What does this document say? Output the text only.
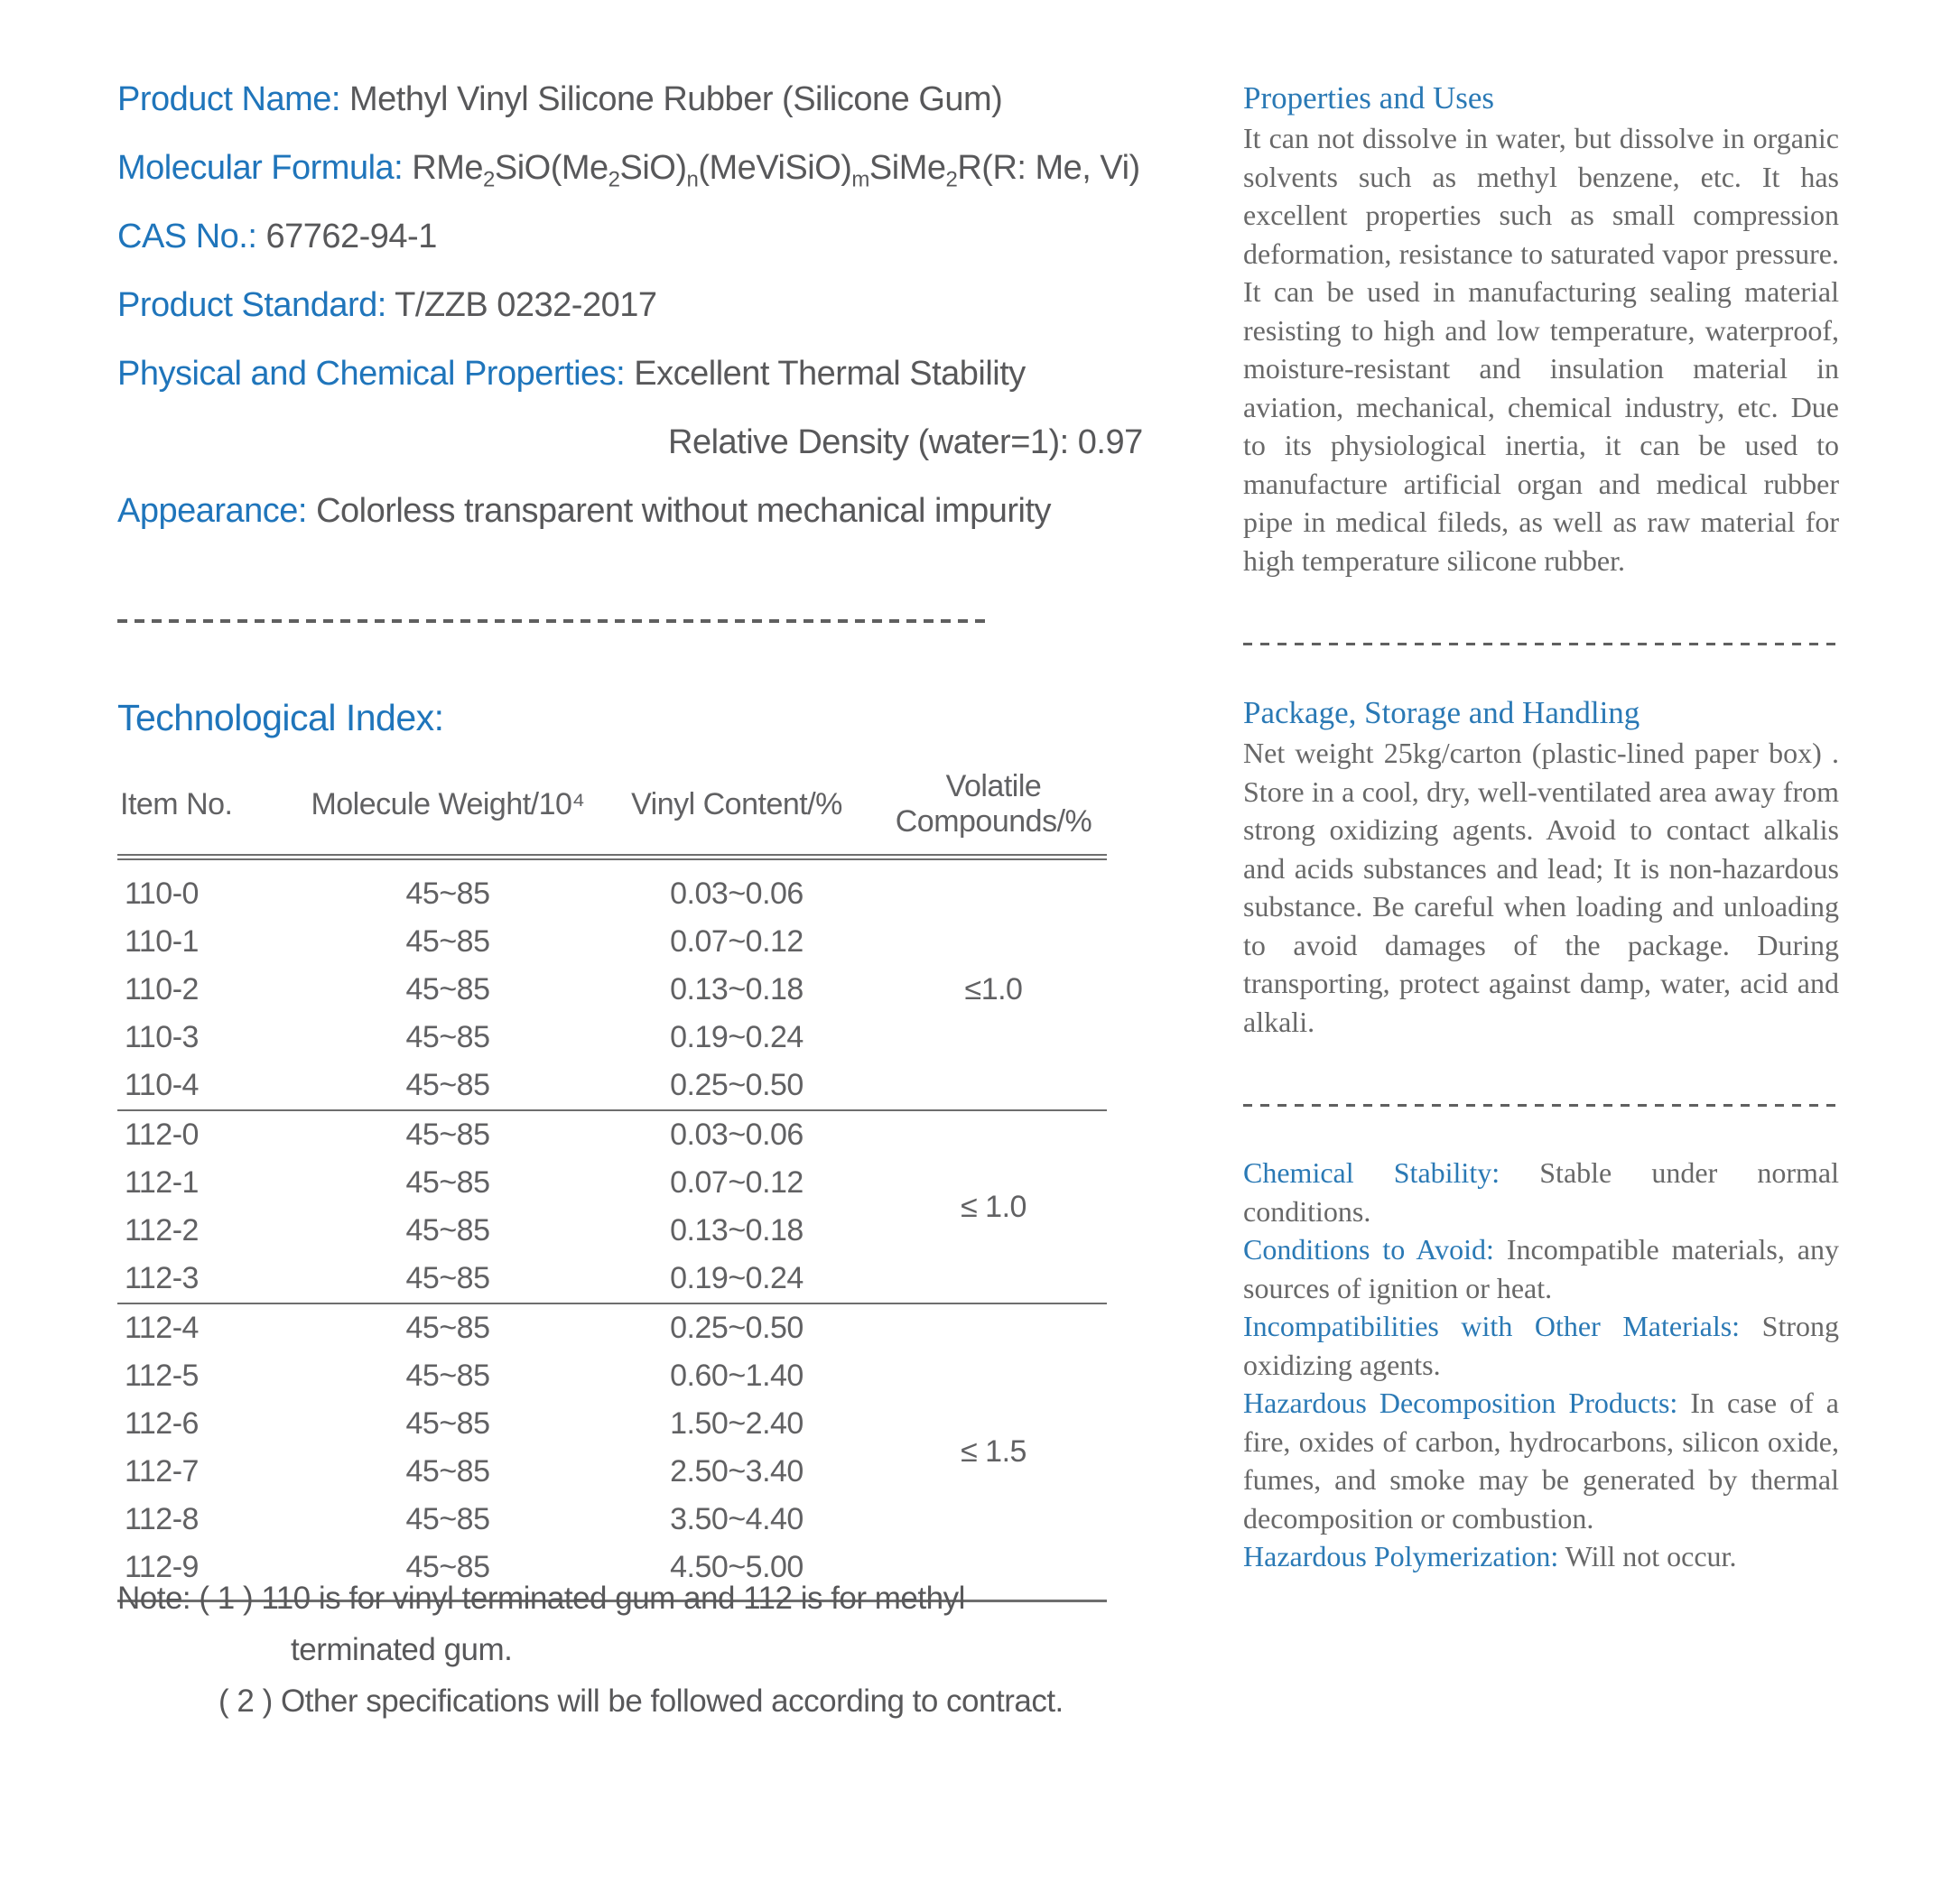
Product Name: Methyl Vinyl Silicone Rubber (Silicone Gum)
Molecular Formula: $RMe_2SiO(Me_2SiO)_n(MeViSiO)_mSiMe_2R(R$: Me, Vi)
CAS No.: 67762-94-1
Product Standard: T/ZZB 0232-2017
Physical and Chemical Properties: Excellent Thermal Stability
Relative Density (water=1): 0.97
Appearance: Colorless transparent without mechanical impurity
Technological Index:
Item No.	Molecule Weight/10⁴	Vinyl Content/%	Volatile Compounds/%
110-0	45~85	0.03~0.06	≤1.0
110-1	45~85	0.07~0.12	
110-2	45~85	0.13~0.18	
110-3	45~85	0.19~0.24	
110-4	45~85	0.25~0.50	
112-0	45~85	0.03~0.06	≤ 1.0
112-1	45~85	0.07~0.12	
112-2	45~85	0.13~0.18	
112-3	45~85	0.19~0.24	
112-4	45~85	0.25~0.50	≤ 1.5
112-5	45~85	0.60~1.40	
112-6	45~85	1.50~2.40	
112-7	45~85	2.50~3.40	
112-8	45~85	3.50~4.40	
112-9	45~85	4.50~5.00	
Note: ( 1 ) 110 is for vinyl terminated gum and 112 is for methyl
terminated gum.
( 2 ) Other specifications will be followed according to contract.
Properties and Uses

It can not dissolve in water, but dissolve in organic solvents such as methyl benzene, etc. It has excellent properties such as small compression deformation, resistance to saturated vapor pressure. It can be used in manufacturing sealing material resisting to high and low temperature, waterproof, moisture-resistant and insulation material in aviation, mechanical, chemical industry, etc. Due to its physiological inertia, it can be used to manufacture artificial organ and medical rubber pipe in medical fileds, as well as raw material for high temperature silicone rubber.

Package, Storage and Handling

Net weight 25kg/carton (plastic-lined paper box) . Store in a cool, dry, well-ventilated area away from strong oxidizing agents. Avoid to contact alkalis and acids substances and lead; It is non-hazardous substance. Be careful when loading and unloading to avoid damages of the package. During transporting, protect against damp, water, acid and alkali.

Chemical Stability: Stable under normal conditions.

Conditions to Avoid: Incompatible materials, any sources of ignition or heat.

Incompatibilities with Other Materials: Strong oxidizing agents.

Hazardous Decomposition Products: In case of a fire, oxides of carbon, hydrocarbons, silicon oxide, fumes, and smoke may be generated by thermal decomposition or combustion.

Hazardous Polymerization: Will not occur.
